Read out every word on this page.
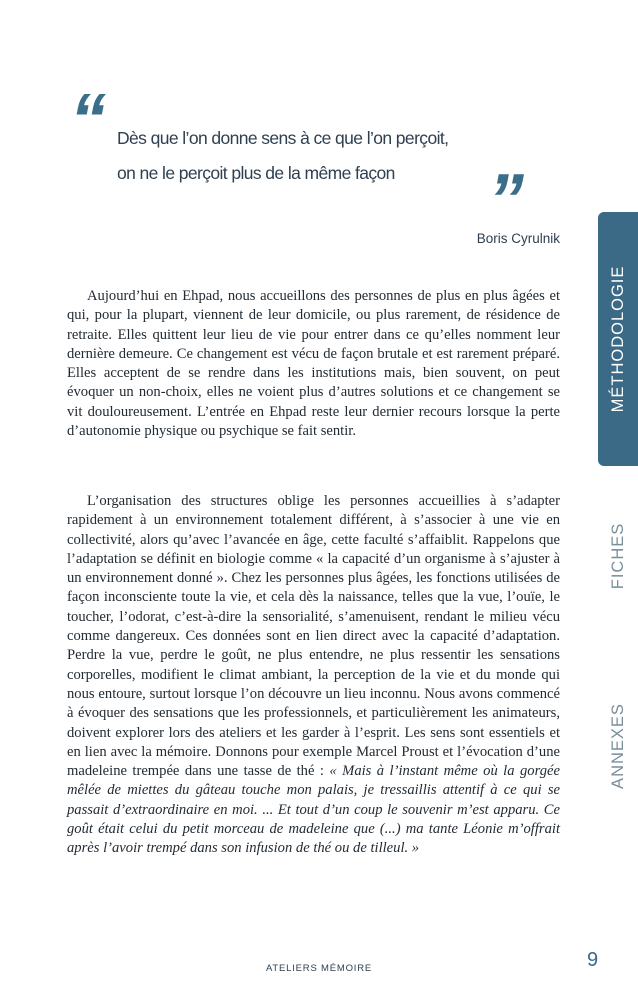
“ Dès que l’on donne sens à ce que l’on perçoit,
on ne le perçoit plus de la même façon ”
Boris Cyrulnik

Aujourd’hui en Ehpad, nous accueillons des personnes de plus en plus âgées et qui, pour la plupart, viennent de leur domicile, ou plus rarement, de résidence de retraite. Elles quittent leur lieu de vie pour entrer dans ce qu’elles nomment leur dernière demeure. Ce changement est vécu de façon brutale et est rarement préparé. Elles acceptent de se rendre dans les institutions mais, bien souvent, on peut évoquer un non-choix, elles ne voient plus d’autres solutions et ce changement se vit douloureusement. L’entrée en Ehpad reste leur dernier recours lorsque la perte d’autonomie physique ou psychique se fait sentir.

L’organisation des structures oblige les personnes accueillies à s’adapter rapidement à un environnement totalement différent, à s’associer à une vie en collectivité, alors qu’avec l’avancée en âge, cette faculté s’affaiblit. Rappelons que l’adaptation se définit en biologie comme « la capacité d’un organisme à s’ajuster à un environnement donné ». Chez les personnes plus âgées, les fonctions utilisées de façon inconsciente toute la vie, et cela dès la naissance, telles que la vue, l’ouïe, le toucher, l’odorat, c’est-à-dire la sensorialité, s’amenuisent, rendant le milieu vécu comme dangereux. Ces données sont en lien direct avec la capacité d’adaptation. Perdre la vue, perdre le goût, ne plus entendre, ne plus ressentir les sensations corporelles, modifient le climat ambiant, la perception de la vie et du monde qui nous entoure, surtout lorsque l’on découvre un lieu inconnu. Nous avons commencé à évoquer des sensations que les professionnels, et particulièrement les animateurs, doivent explorer lors des ateliers et les garder à l’esprit. Les sens sont essentiels et en lien avec la mémoire. Donnons pour exemple Marcel Proust et l’évocation d’une madeleine trempée dans une tasse de thé : « Mais à l’instant même où la gorgée mêlée de miettes du gâteau touche mon palais, je tressaillis attentif à ce qui se passait d’extraordinaire en moi. ... Et tout d’un coup le souvenir m’est apparu. Ce goût était celui du petit morceau de madeleine que (...) ma tante Léonie m’offrait après l’avoir trempé dans son infusion de thé ou de tilleul. »

MÉTHODOLOGIE
FICHES
ANNEXES
ATELIERS MÉMOIRE	9
